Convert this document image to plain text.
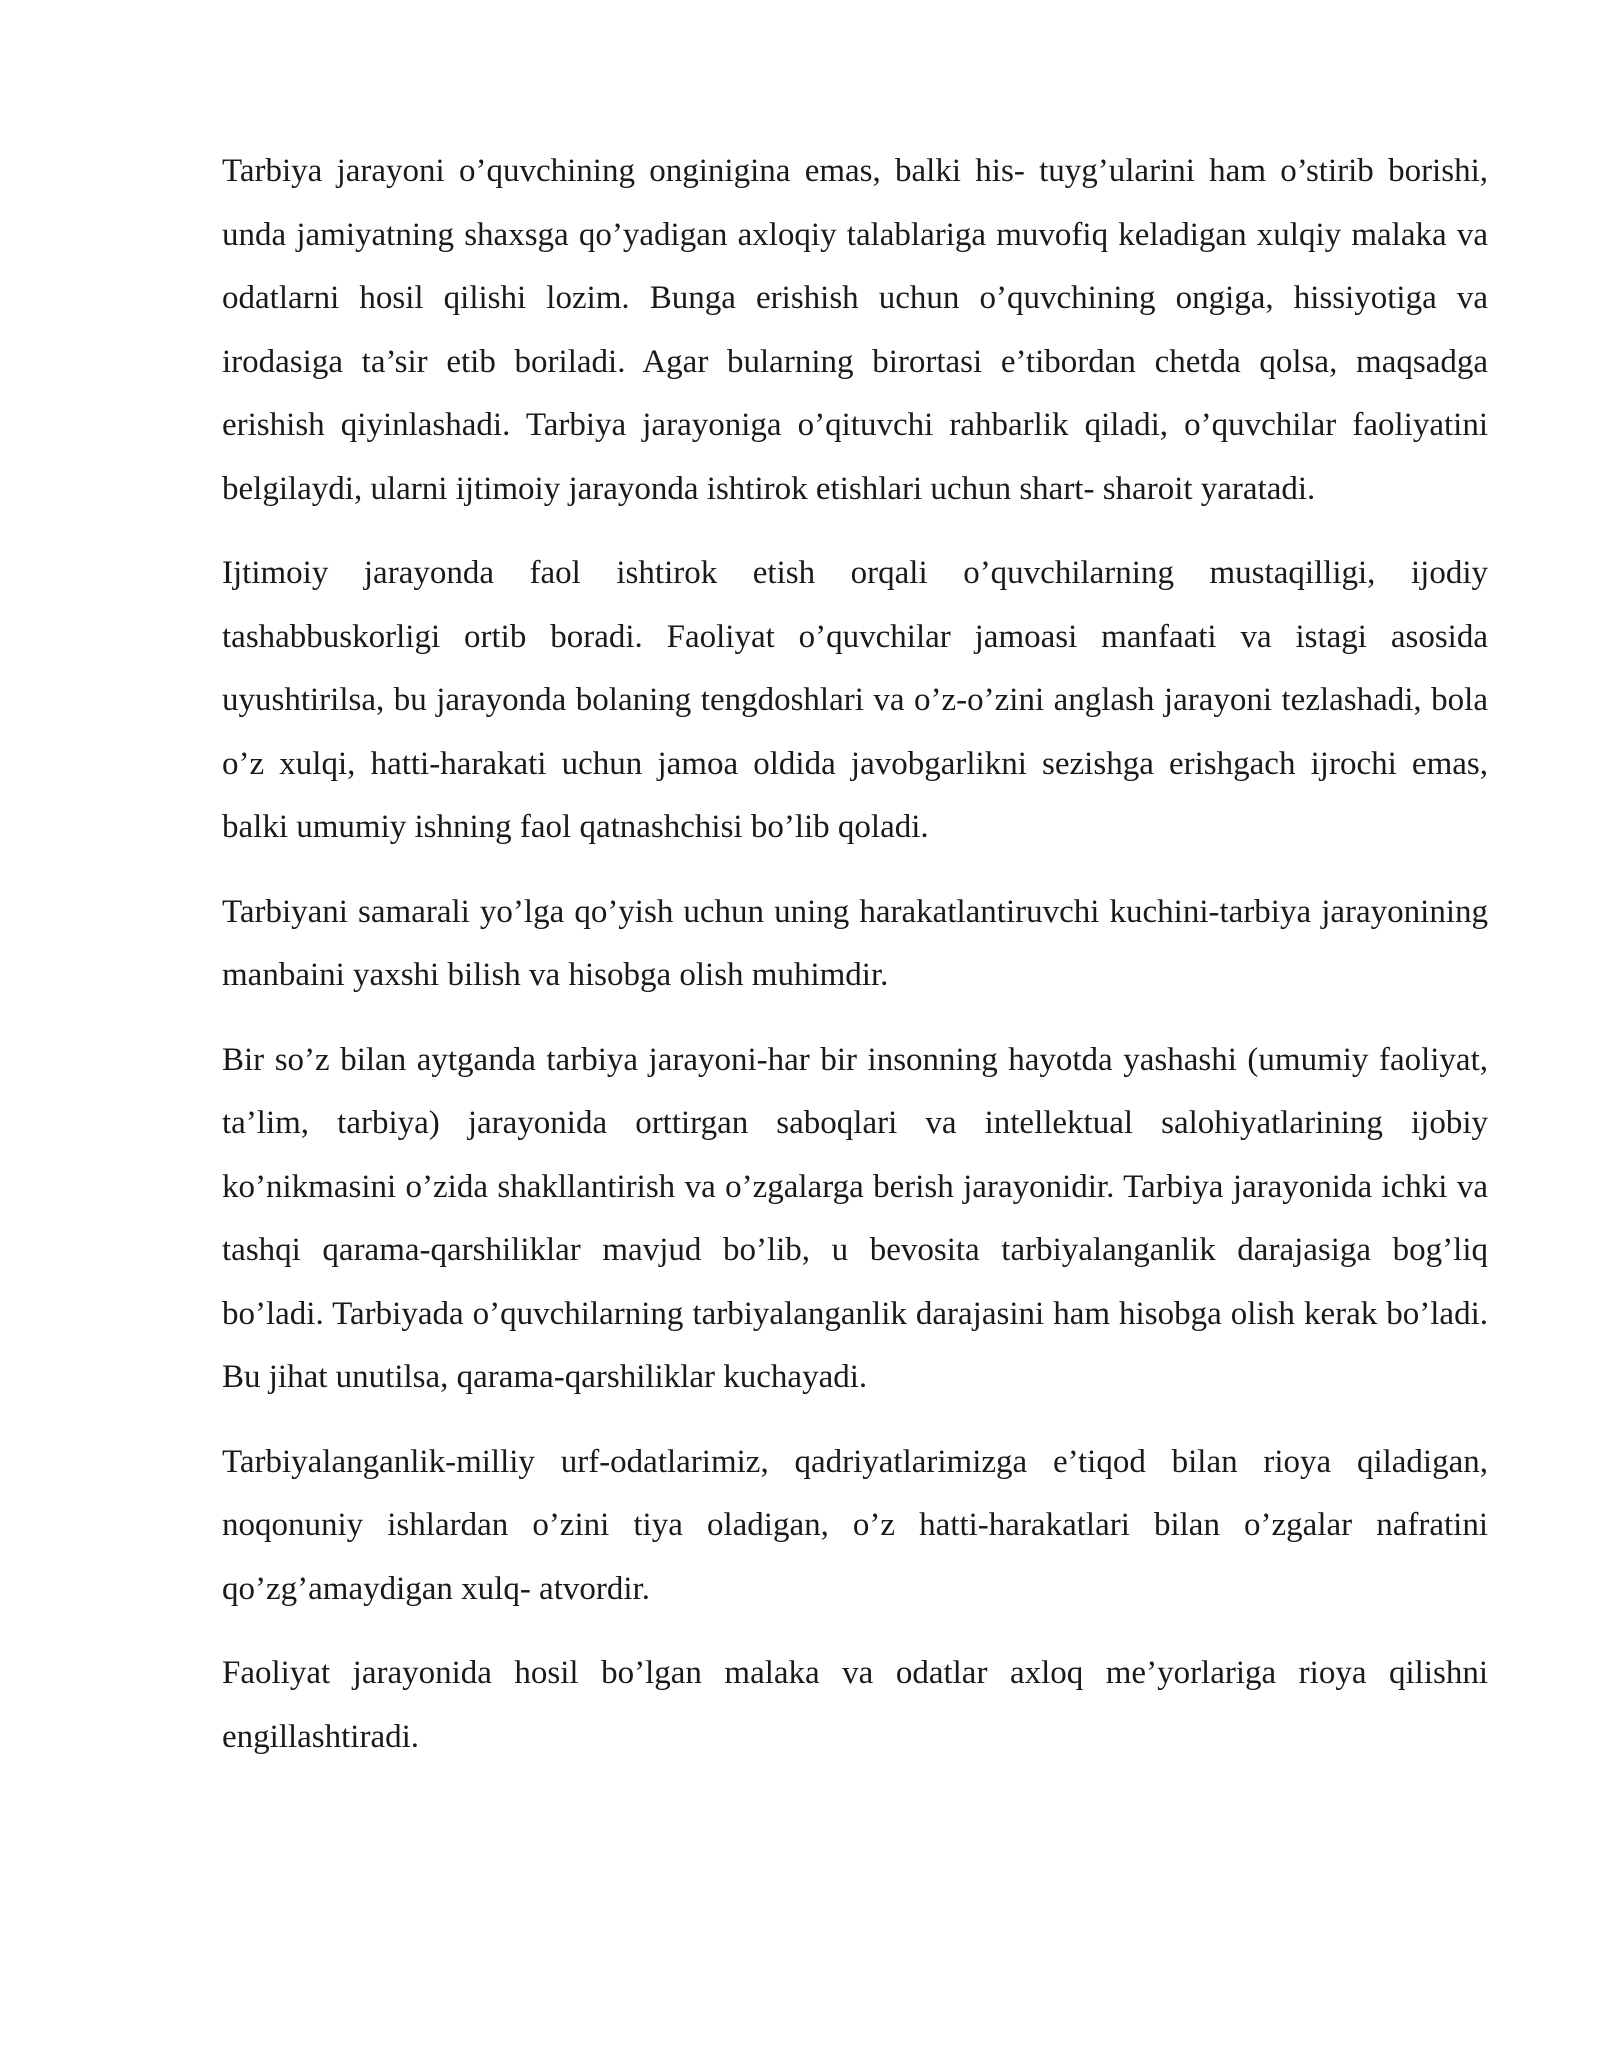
Tarbiya jarayoni o’quvchining onginigina emas, balki his- tuyg’ularini ham o’stirib borishi, unda jamiyatning shaxsga qo’yadigan axloqiy talablariga muvofiq keladigan xulqiy malaka va odatlarni hosil qilishi lozim. Bunga erishish uchun o’quvchining ongiga, hissiyotiga va irodasiga ta’sir etib boriladi. Agar bularning birortasi e’tibordan chetda qolsa, maqsadga erishish qiyinlashadi. Tarbiya jarayoniga o’qituvchi rahbarlik qiladi, o’quvchilar faoliyatini belgilaydi, ularni ijtimoiy jarayonda ishtirok etishlari uchun shart- sharoit yaratadi.

Ijtimoiy jarayonda faol ishtirok etish orqali o’quvchilarning mustaqilligi, ijodiy tashabbuskorligi ortib boradi. Faoliyat o’quvchilar jamoasi manfaati va istagi asosida uyushtirilsa, bu jarayonda bolaning tengdoshlari va o’z-o’zini anglash jarayoni tezlashadi, bola o’z xulqi, hatti-harakati uchun jamoa oldida javobgarlikni sezishga erishgach ijrochi emas, balki umumiy ishning faol qatnashchisi bo’lib qoladi.

Tarbiyani samarali yo’lga qo’yish uchun uning harakatlantiruvchi kuchini-tarbiya jarayonining manbaini yaxshi bilish va hisobga olish muhimdir.

Bir so’z bilan aytganda tarbiya jarayoni-har bir insonning hayotda yashashi (umumiy faoliyat, ta’lim, tarbiya) jarayonida orttirgan saboqlari va intellektual salohiyatlarining ijobiy ko’nikmasini o’zida shakllantirish va o’zgalarga berish jarayonidir. Tarbiya jarayonida ichki va tashqi qarama-qarshiliklar mavjud bo’lib, u bevosita tarbiyalanganlik darajasiga bog’liq bo’ladi. Tarbiyada o’quvchilarning tarbiyalanganlik darajasini ham hisobga olish kerak bo’ladi. Bu jihat unutilsa, qarama-qarshiliklar kuchayadi.

Tarbiyalanganlik-milliy urf-odatlarimiz, qadriyatlarimizga e’tiqod bilan rioya qiladigan, noqonuniy ishlardan o’zini tiya oladigan, o’z hatti-harakatlari bilan o’zgalar nafratini qo’zg’amaydigan xulq- atvordir.

Faoliyat jarayonida hosil bo’lgan malaka va odatlar axloq me’yorlariga rioya qilishni engillashtiradi.
